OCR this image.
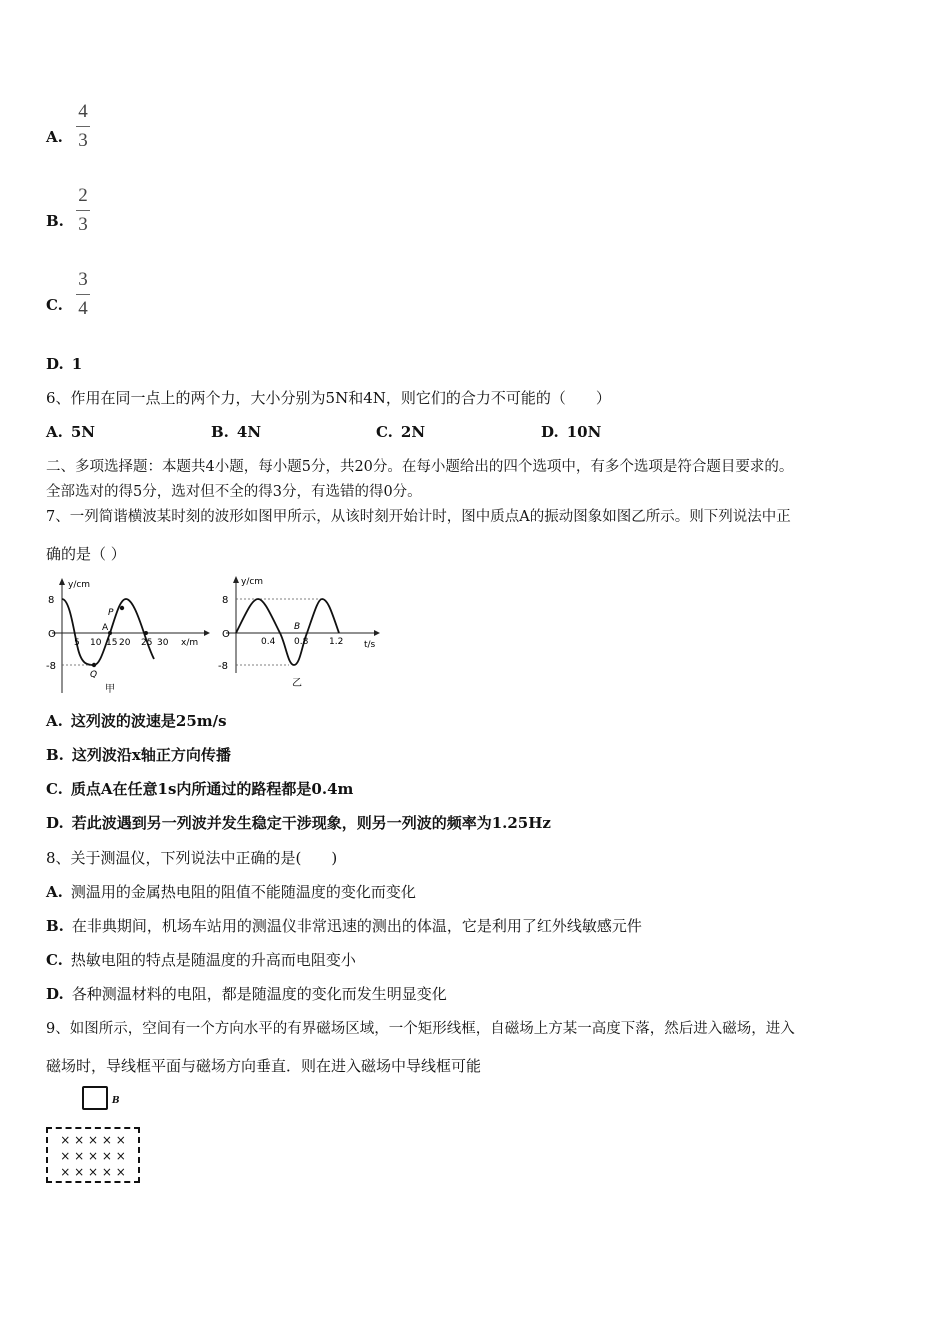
A.
4
3
B.
2
3
C.
3
4
D. 1
6、作用在同一点上的两个力，大小分别为5N和4N，则它们的合力不可能的（　　）
A. 5N	B. 4N	C. 2N	D. 10N
二、多项选择题：本题共4小题，每小题5分，共20分。在每小题给出的四个选项中，有多个选项是符合题目要求的。
全部选对的得5分，选对但不全的得3分，有选错的得0分。
7、一列简谐横波某时刻的波形如图甲所示，从该时刻开始计时，图中质点A的振动图象如图乙所示。则下列说法中正
确的是（ ）
y/cm
x/m
O
8
-8
P
A
Q
5 10 15 20 25 30
甲
y/cm
t/s
O
8
-8
0.4 0.8 1.2
B
乙
A. 这列波的波速是25m/s
B. 这列波沿x轴正方向传播
C. 质点A在任意1s内所通过的路程都是0.4m
D. 若此波遇到另一列波并发生稳定干涉现象，则另一列波的频率为1.25Hz
8、关于测温仪，下列说法中正确的是(　　)
A. 测温用的金属热电阻的阻值不能随温度的变化而变化
B. 在非典期间，机场车站用的测温仪非常迅速的测出的体温，它是利用了红外线敏感元件
C. 热敏电阻的特点是随温度的升高而电阻变小
D. 各种测温材料的电阻，都是随温度的变化而发生明显变化
9、如图所示，空间有一个方向水平的有界磁场区域，一个矩形线框，自磁场上方某一高度下落，然后进入磁场，进入
磁场时，导线框平面与磁场方向垂直．则在进入磁场中导线框可能
B
× × × × ×
× × × × ×
× × × × ×
